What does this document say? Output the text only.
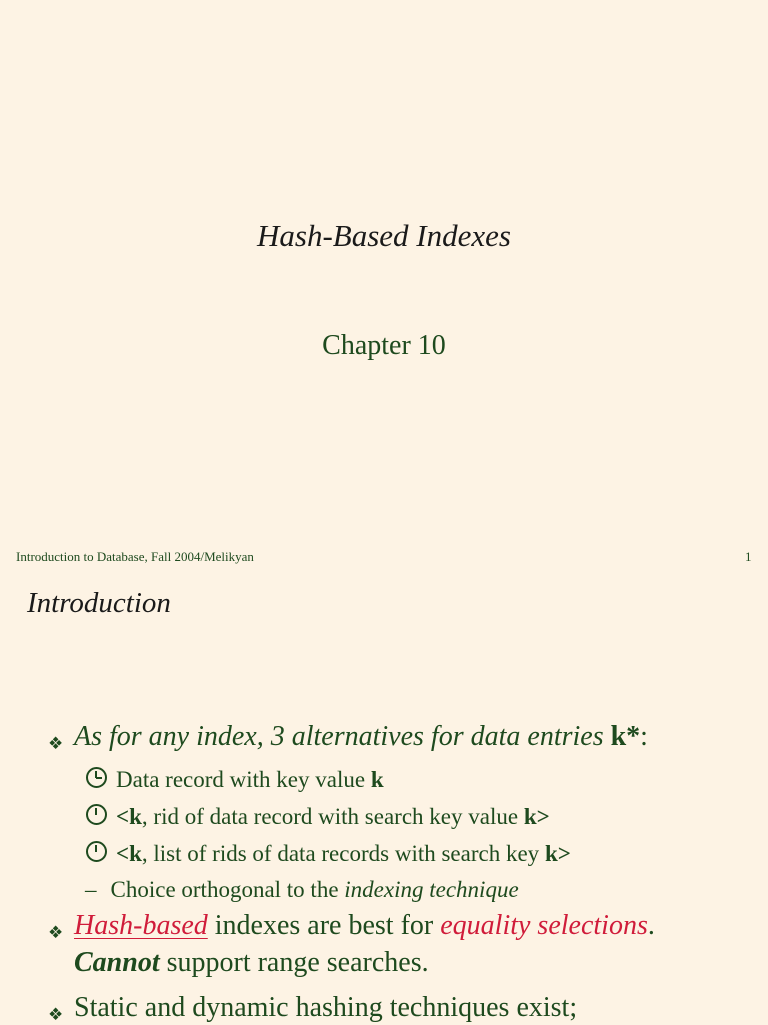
Hash-Based Indexes
Chapter 10
Introduction to Database, Fall 2004/Melikyan	1
Introduction
❖ As for any index, 3 alternatives for data entries k*:
Data record with key value k
<k, rid of data record with search key value k>
<k, list of rids of data records with search key k>
– Choice orthogonal to the indexing technique
❖ Hash-based indexes are best for equality selections.
Cannot support range searches.
❖ Static and dynamic hashing techniques exist;
